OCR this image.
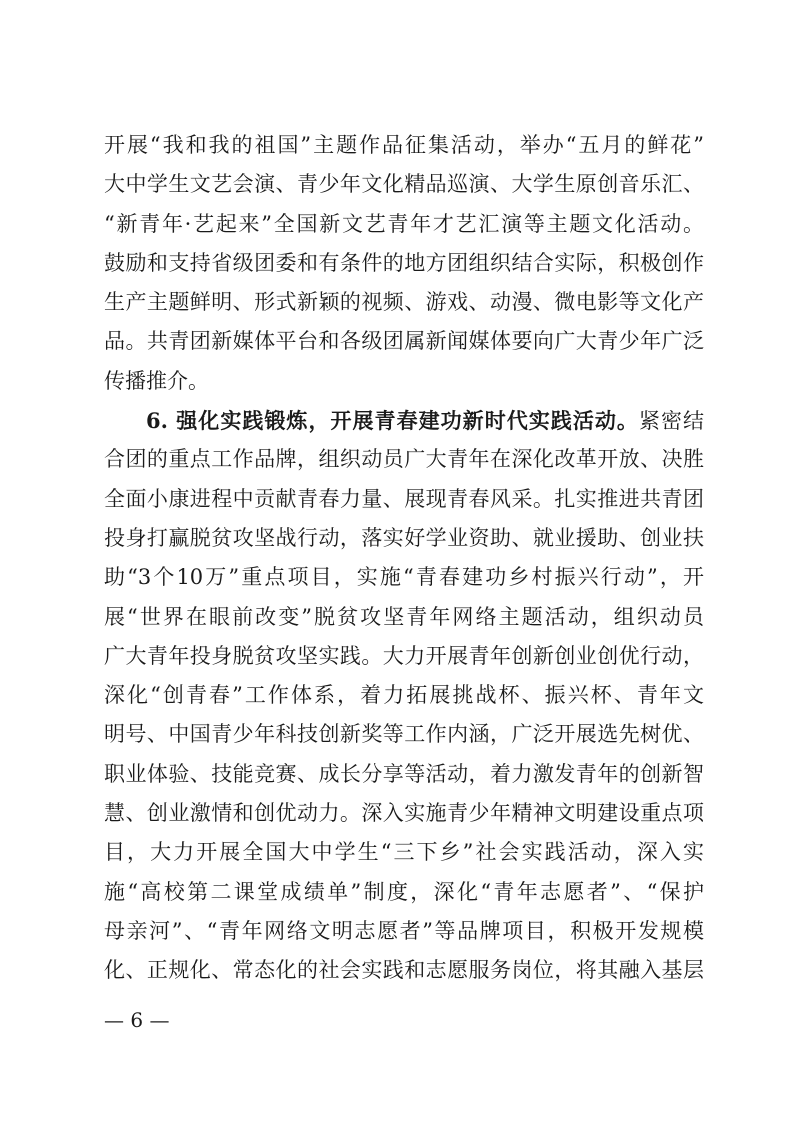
开展“我和我的祖国”主题作品征集活动，举办“五月的鲜花”
大中学生文艺会演、青少年文化精品巡演、大学生原创音乐汇、
“新青年·艺起来”全国新文艺青年才艺汇演等主题文化活动。
鼓励和支持省级团委和有条件的地方团组织结合实际，积极创作
生产主题鲜明、形式新颖的视频、游戏、动漫、微电影等文化产
品。共青团新媒体平台和各级团属新闻媒体要向广大青少年广泛
传播推介。
6. 强化实践锻炼，开展青春建功新时代实践活动。紧密结
合团的重点工作品牌，组织动员广大青年在深化改革开放、决胜
全面小康进程中贡献青春力量、展现青春风采。扎实推进共青团
投身打赢脱贫攻坚战行动，落实好学业资助、就业援助、创业扶
助“3个10万”重点项目，实施“青春建功乡村振兴行动”，开
展“世界在眼前改变”脱贫攻坚青年网络主题活动，组织动员
广大青年投身脱贫攻坚实践。大力开展青年创新创业创优行动，
深化“创青春”工作体系，着力拓展挑战杯、振兴杯、青年文
明号、中国青少年科技创新奖等工作内涵，广泛开展选先树优、
职业体验、技能竞赛、成长分享等活动，着力激发青年的创新智
慧、创业激情和创优动力。深入实施青少年精神文明建设重点项
目，大力开展全国大中学生“三下乡”社会实践活动，深入实
施“高校第二课堂成绩单”制度，深化“青年志愿者”、“保护
母亲河”、“青年网络文明志愿者”等品牌项目，积极开发规模
化、正规化、常态化的社会实践和志愿服务岗位，将其融入基层
— 6 —
